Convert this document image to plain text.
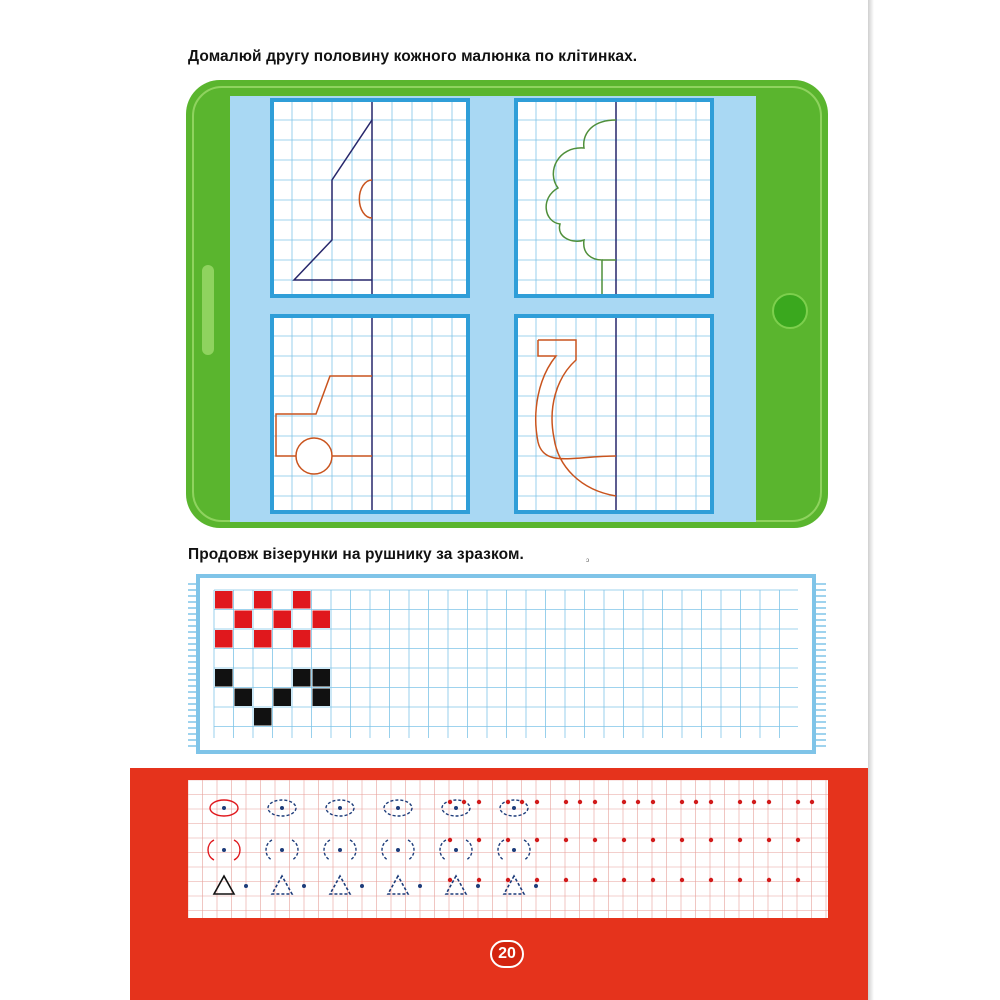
Домалюй другу половину кожного малюнка по клітинках.
Продовж візерунки на рушнику за зразком.	ᵓ
20
